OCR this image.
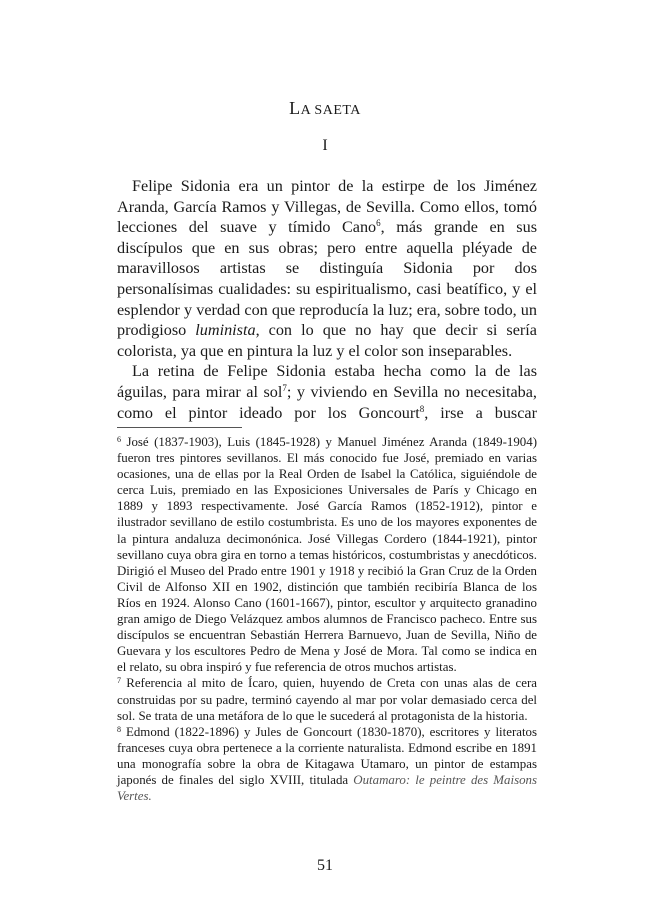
LA SAETA
I

Felipe Sidonia era un pintor de la estirpe de los Jiménez Aranda, García Ramos y Villegas, de Sevilla. Como ellos, tomó lecciones del suave y tímido Cano$^6$, más grande en sus discípulos que en sus obras; pero entre aquella pléyade de maravillosos artistas se distinguía Sidonia por dos personalísimas cualidades: su espiritualismo, casi beatífico, y el esplendor y verdad con que reproducía la luz; era, sobre todo, un prodigioso luminista, con lo que no hay que decir si sería colorista, ya que en pintura la luz y el color son inseparables.

La retina de Felipe Sidonia estaba hecha como la de las águilas, para mirar al sol$^7$; y viviendo en Sevilla no necesitaba, como el pintor ideado por los Goncourt$^8$, irse a buscar

$^6$ José (1837-1903), Luis (1845-1928) y Manuel Jiménez Aranda (1849-1904) fueron tres pintores sevillanos. El más conocido fue José, premiado en varias ocasiones, una de ellas por la Real Orden de Isabel la Católica, siguiéndole de cerca Luis, premiado en las Exposiciones Universales de París y Chicago en 1889 y 1893 respectivamente. José García Ramos (1852-1912), pintor e ilustrador sevillano de estilo costumbrista. Es uno de los mayores exponentes de la pintura andaluza decimonónica. José Villegas Cordero (1844-1921), pintor sevillano cuya obra gira en torno a temas históricos, costumbristas y anecdóticos. Dirigió el Museo del Prado entre 1901 y 1918 y recibió la Gran Cruz de la Orden Civil de Alfonso XII en 1902, distinción que también recibiría Blanca de los Ríos en 1924. Alonso Cano (1601-1667), pintor, escultor y arquitecto granadino gran amigo de Diego Velázquez ambos alumnos de Francisco pacheco. Entre sus discípulos se encuentran Sebastián Herrera Barnuevo, Juan de Sevilla, Niño de Guevara y los escultores Pedro de Mena y José de Mora. Tal como se indica en el relato, su obra inspiró y fue referencia de otros muchos artistas.

$^7$ Referencia al mito de Ícaro, quien, huyendo de Creta con unas alas de cera construidas por su padre, terminó cayendo al mar por volar demasiado cerca del sol. Se trata de una metáfora de lo que le sucederá al protagonista de la historia.

$^8$ Edmond (1822-1896) y Jules de Goncourt (1830-1870), escritores y literatos franceses cuya obra pertenece a la corriente naturalista. Edmond escribe en 1891 una monografía sobre la obra de Kitagawa Utamaro, un pintor de estampas japonés de finales del siglo XVIII, titulada Outamaro: le peintre des Maisons Vertes.

51
